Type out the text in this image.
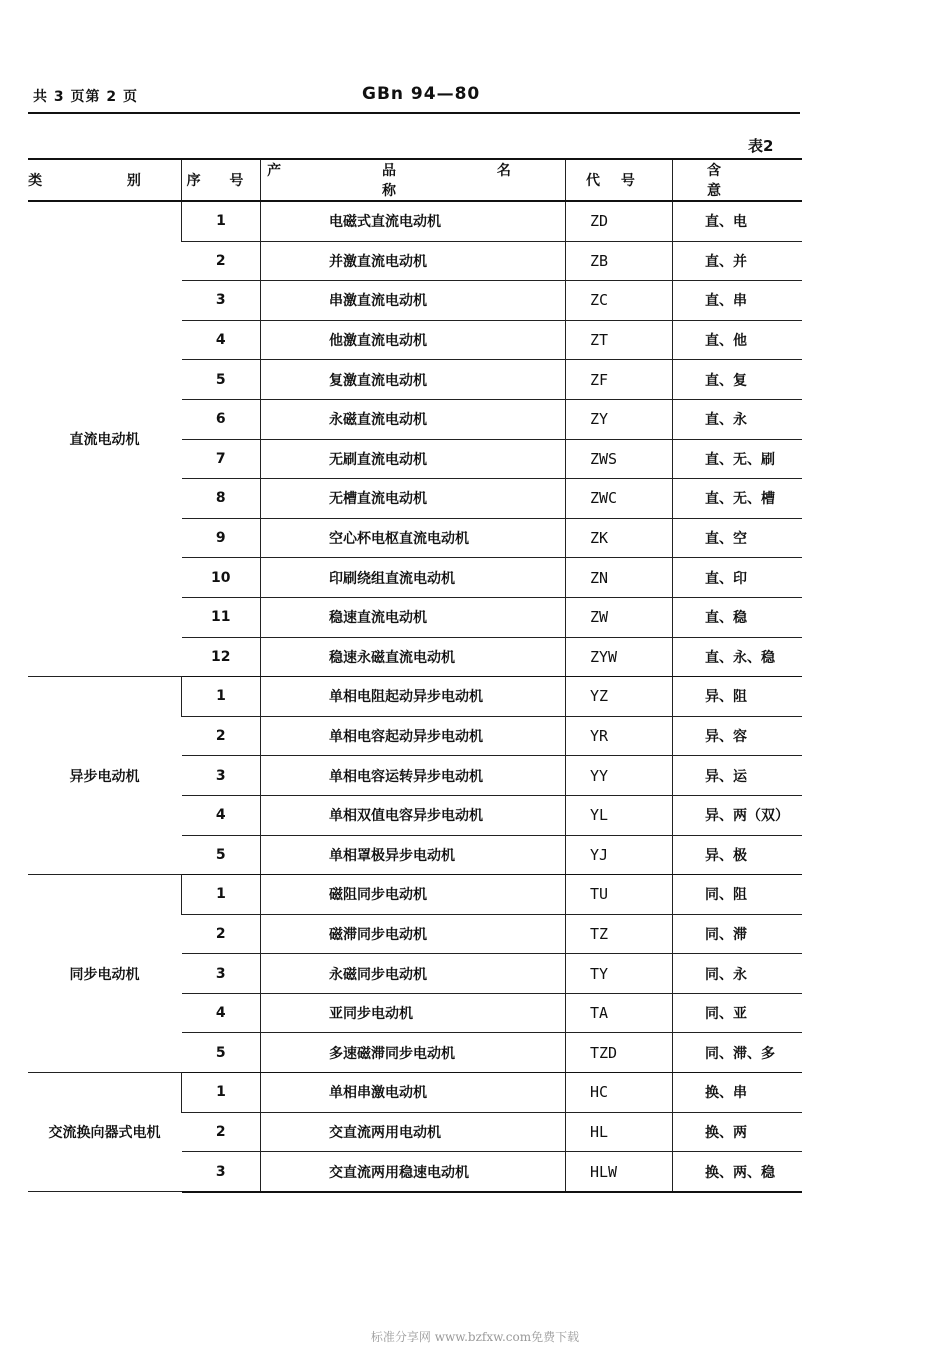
共 3 页第 2 页	GBn 94—80
表2
类 别	序 号	产 品 名 称	代 号	含 意
直流电动机	1	电磁式直流电动机	ZD	直、电
	2	并激直流电动机	ZB	直、并
	3	串激直流电动机	ZC	直、串
	4	他激直流电动机	ZT	直、他
	5	复激直流电动机	ZF	直、复
	6	永磁直流电动机	ZY	直、永
	7	无刷直流电动机	ZWS	直、无、刷
	8	无槽直流电动机	ZWC	直、无、槽
	9	空心杯电枢直流电动机	ZK	直、空
	10	印刷绕组直流电动机	ZN	直、印
	11	稳速直流电动机	ZW	直、稳
	12	稳速永磁直流电动机	ZYW	直、永、稳
异步电动机	1	单相电阻起动异步电动机	YZ	异、阻
	2	单相电容起动异步电动机	YR	异、容
	3	单相电容运转异步电动机	YY	异、运
	4	单相双值电容异步电动机	YL	异、两（双）
	5	单相罩极异步电动机	YJ	异、极
同步电动机	1	磁阻同步电动机	TU	同、阻
	2	磁滞同步电动机	TZ	同、滞
	3	永磁同步电动机	TY	同、永
	4	亚同步电动机	TA	同、亚
	5	多速磁滞同步电动机	TZD	同、滞、多
交流换向器式电机	1	单相串激电动机	HC	换、串
	2	交直流两用电动机	HL	换、两
	3	交直流两用稳速电动机	HLW	换、两、稳
标准分享网 www.bzfxw.com免费下载
